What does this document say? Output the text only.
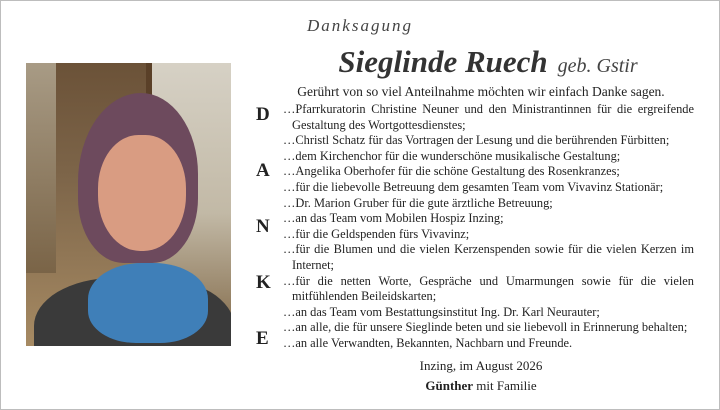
Danksagung
Sieglinde Ruech geb. Gstir
Gerührt von so viel Anteilnahme möchten wir einfach Danke sagen.
D
A
N
K
E
…Pfarrkuratorin Christine Neuner und den Ministrantinnen für die ergreifende Gestaltung des Wortgottesdienstes;
…Christl Schatz für das Vortragen der Lesung und die berührenden Fürbitten;
…dem Kirchenchor für die wunderschöne musikalische Gestaltung;
…Angelika Oberhofer für die schöne Gestaltung des Rosenkranzes;
…für die liebevolle Betreuung dem gesamten Team vom Vivavinz Stationär;
…Dr. Marion Gruber für die gute ärztliche Betreuung;
…an das Team vom Mobilen Hospiz Inzing;
…für die Geldspenden fürs Vivavinz;
…für die Blumen und die vielen Kerzenspenden sowie für die vielen Kerzen im Internet;
…für die netten Worte, Gespräche und Umarmungen sowie für die vielen mitfühlenden Beileidskarten;
…an das Team vom Bestattungsinstitut Ing. Dr. Karl Neurauter;
…an alle, die für unsere Sieglinde beten und sie liebevoll in Erinnerung behalten;
…an alle Verwandten, Bekannten, Nachbarn und Freunde.
Inzing, im August 2026
Günther mit Familie
